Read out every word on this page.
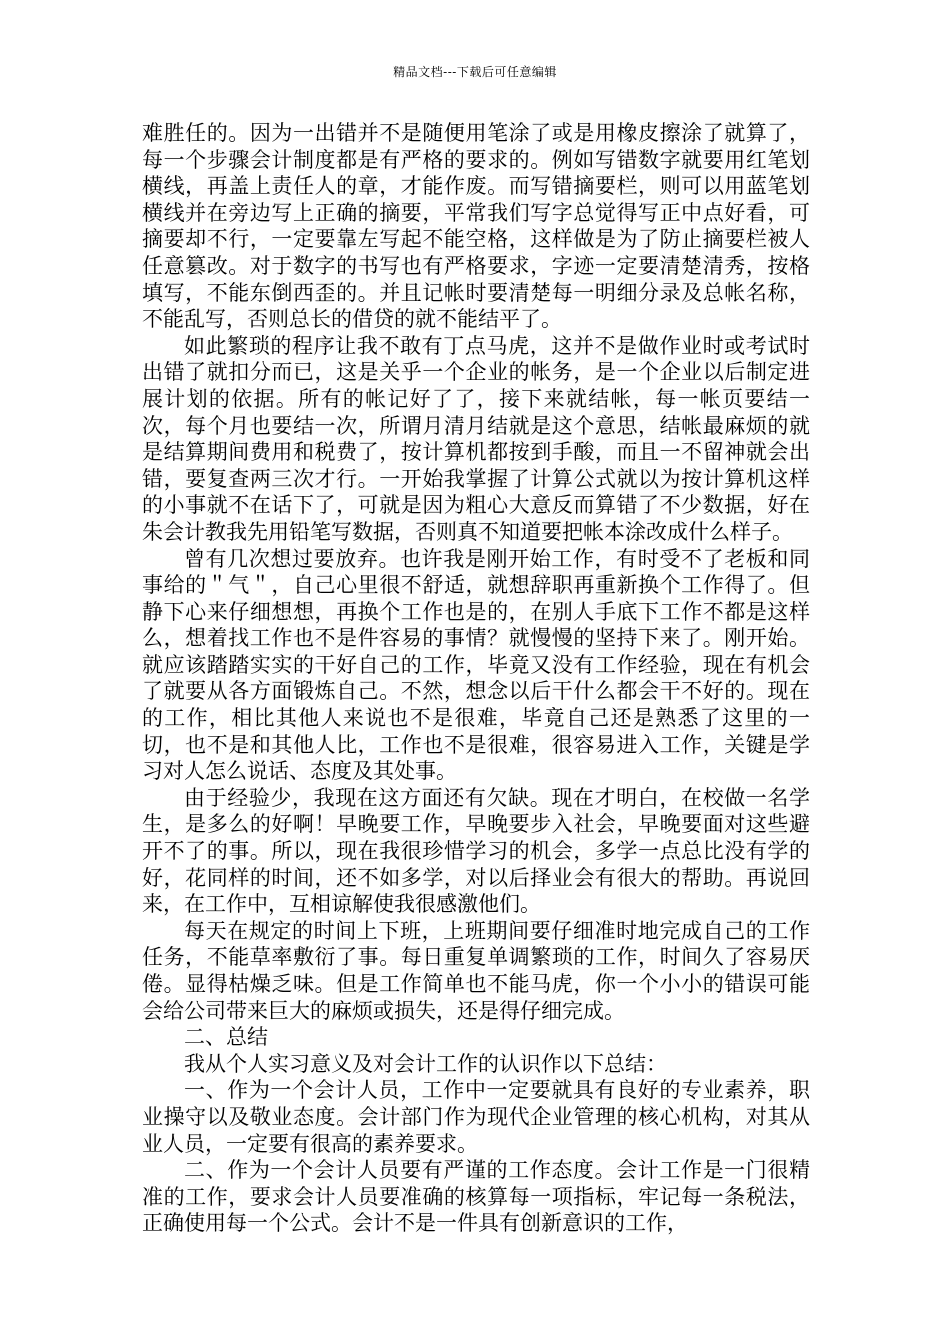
精品文档---下载后可任意编辑

难胜任的。因为一出错并不是随便用笔涂了或是用橡皮擦涂了就算了，每一个步骤会计制度都是有严格的要求的。例如写错数字就要用红笔划横线，再盖上责任人的章，才能作废。而写错摘要栏，则可以用蓝笔划横线并在旁边写上正确的摘要，平常我们写字总觉得写正中点好看，可摘要却不行，一定要靠左写起不能空格，这样做是为了防止摘要栏被人任意篡改。对于数字的书写也有严格要求，字迹一定要清楚清秀，按格填写，不能东倒西歪的。并且记帐时要清楚每一明细分录及总帐名称，不能乱写，否则总长的借贷的就不能结平了。

如此繁琐的程序让我不敢有丁点马虎，这并不是做作业时或考试时出错了就扣分而已，这是关乎一个企业的帐务，是一个企业以后制定进展计划的依据。所有的帐记好了了，接下来就结帐，每一帐页要结一次，每个月也要结一次，所谓月清月结就是这个意思，结帐最麻烦的就是结算期间费用和税费了，按计算机都按到手酸，而且一不留神就会出错，要复查两三次才行。一开始我掌握了计算公式就以为按计算机这样的小事就不在话下了，可就是因为粗心大意反而算错了不少数据，好在朱会计教我先用铅笔写数据，否则真不知道要把帐本涂改成什么样子。

曾有几次想过要放弃。也许我是刚开始工作，有时受不了老板和同事给的＂气＂，自己心里很不舒适，就想辞职再重新换个工作得了。但静下心来仔细想想，再换个工作也是的，在别人手底下工作不都是这样么，想着找工作也不是件容易的事情？就慢慢的坚持下来了。刚开始。就应该踏踏实实的干好自己的工作，毕竟又没有工作经验，现在有机会了就要从各方面锻炼自己。不然，想念以后干什么都会干不好的。现在的工作，相比其他人来说也不是很难，毕竟自己还是熟悉了这里的一切，也不是和其他人比，工作也不是很难，很容易进入工作，关键是学习对人怎么说话、态度及其处事。

由于经验少，我现在这方面还有欠缺。现在才明白，在校做一名学生，是多么的好啊！早晚要工作，早晚要步入社会，早晚要面对这些避开不了的事。所以，现在我很珍惜学习的机会，多学一点总比没有学的好，花同样的时间，还不如多学，对以后择业会有很大的帮助。再说回来，在工作中，互相谅解使我很感激他们。

每天在规定的时间上下班，上班期间要仔细准时地完成自己的工作任务，不能草率敷衍了事。每日重复单调繁琐的工作，时间久了容易厌倦。显得枯燥乏味。但是工作简单也不能马虎，你一个小小的错误可能会给公司带来巨大的麻烦或损失，还是得仔细完成。

二、总结

我从个人实习意义及对会计工作的认识作以下总结：

一、作为一个会计人员，工作中一定要就具有良好的专业素养，职业操守以及敬业态度。会计部门作为现代企业管理的核心机构，对其从业人员，一定要有很高的素养要求。

二、作为一个会计人员要有严谨的工作态度。会计工作是一门很精准的工作，要求会计人员要准确的核算每一项指标，牢记每一条税法，正确使用每一个公式。会计不是一件具有创新意识的工作，
